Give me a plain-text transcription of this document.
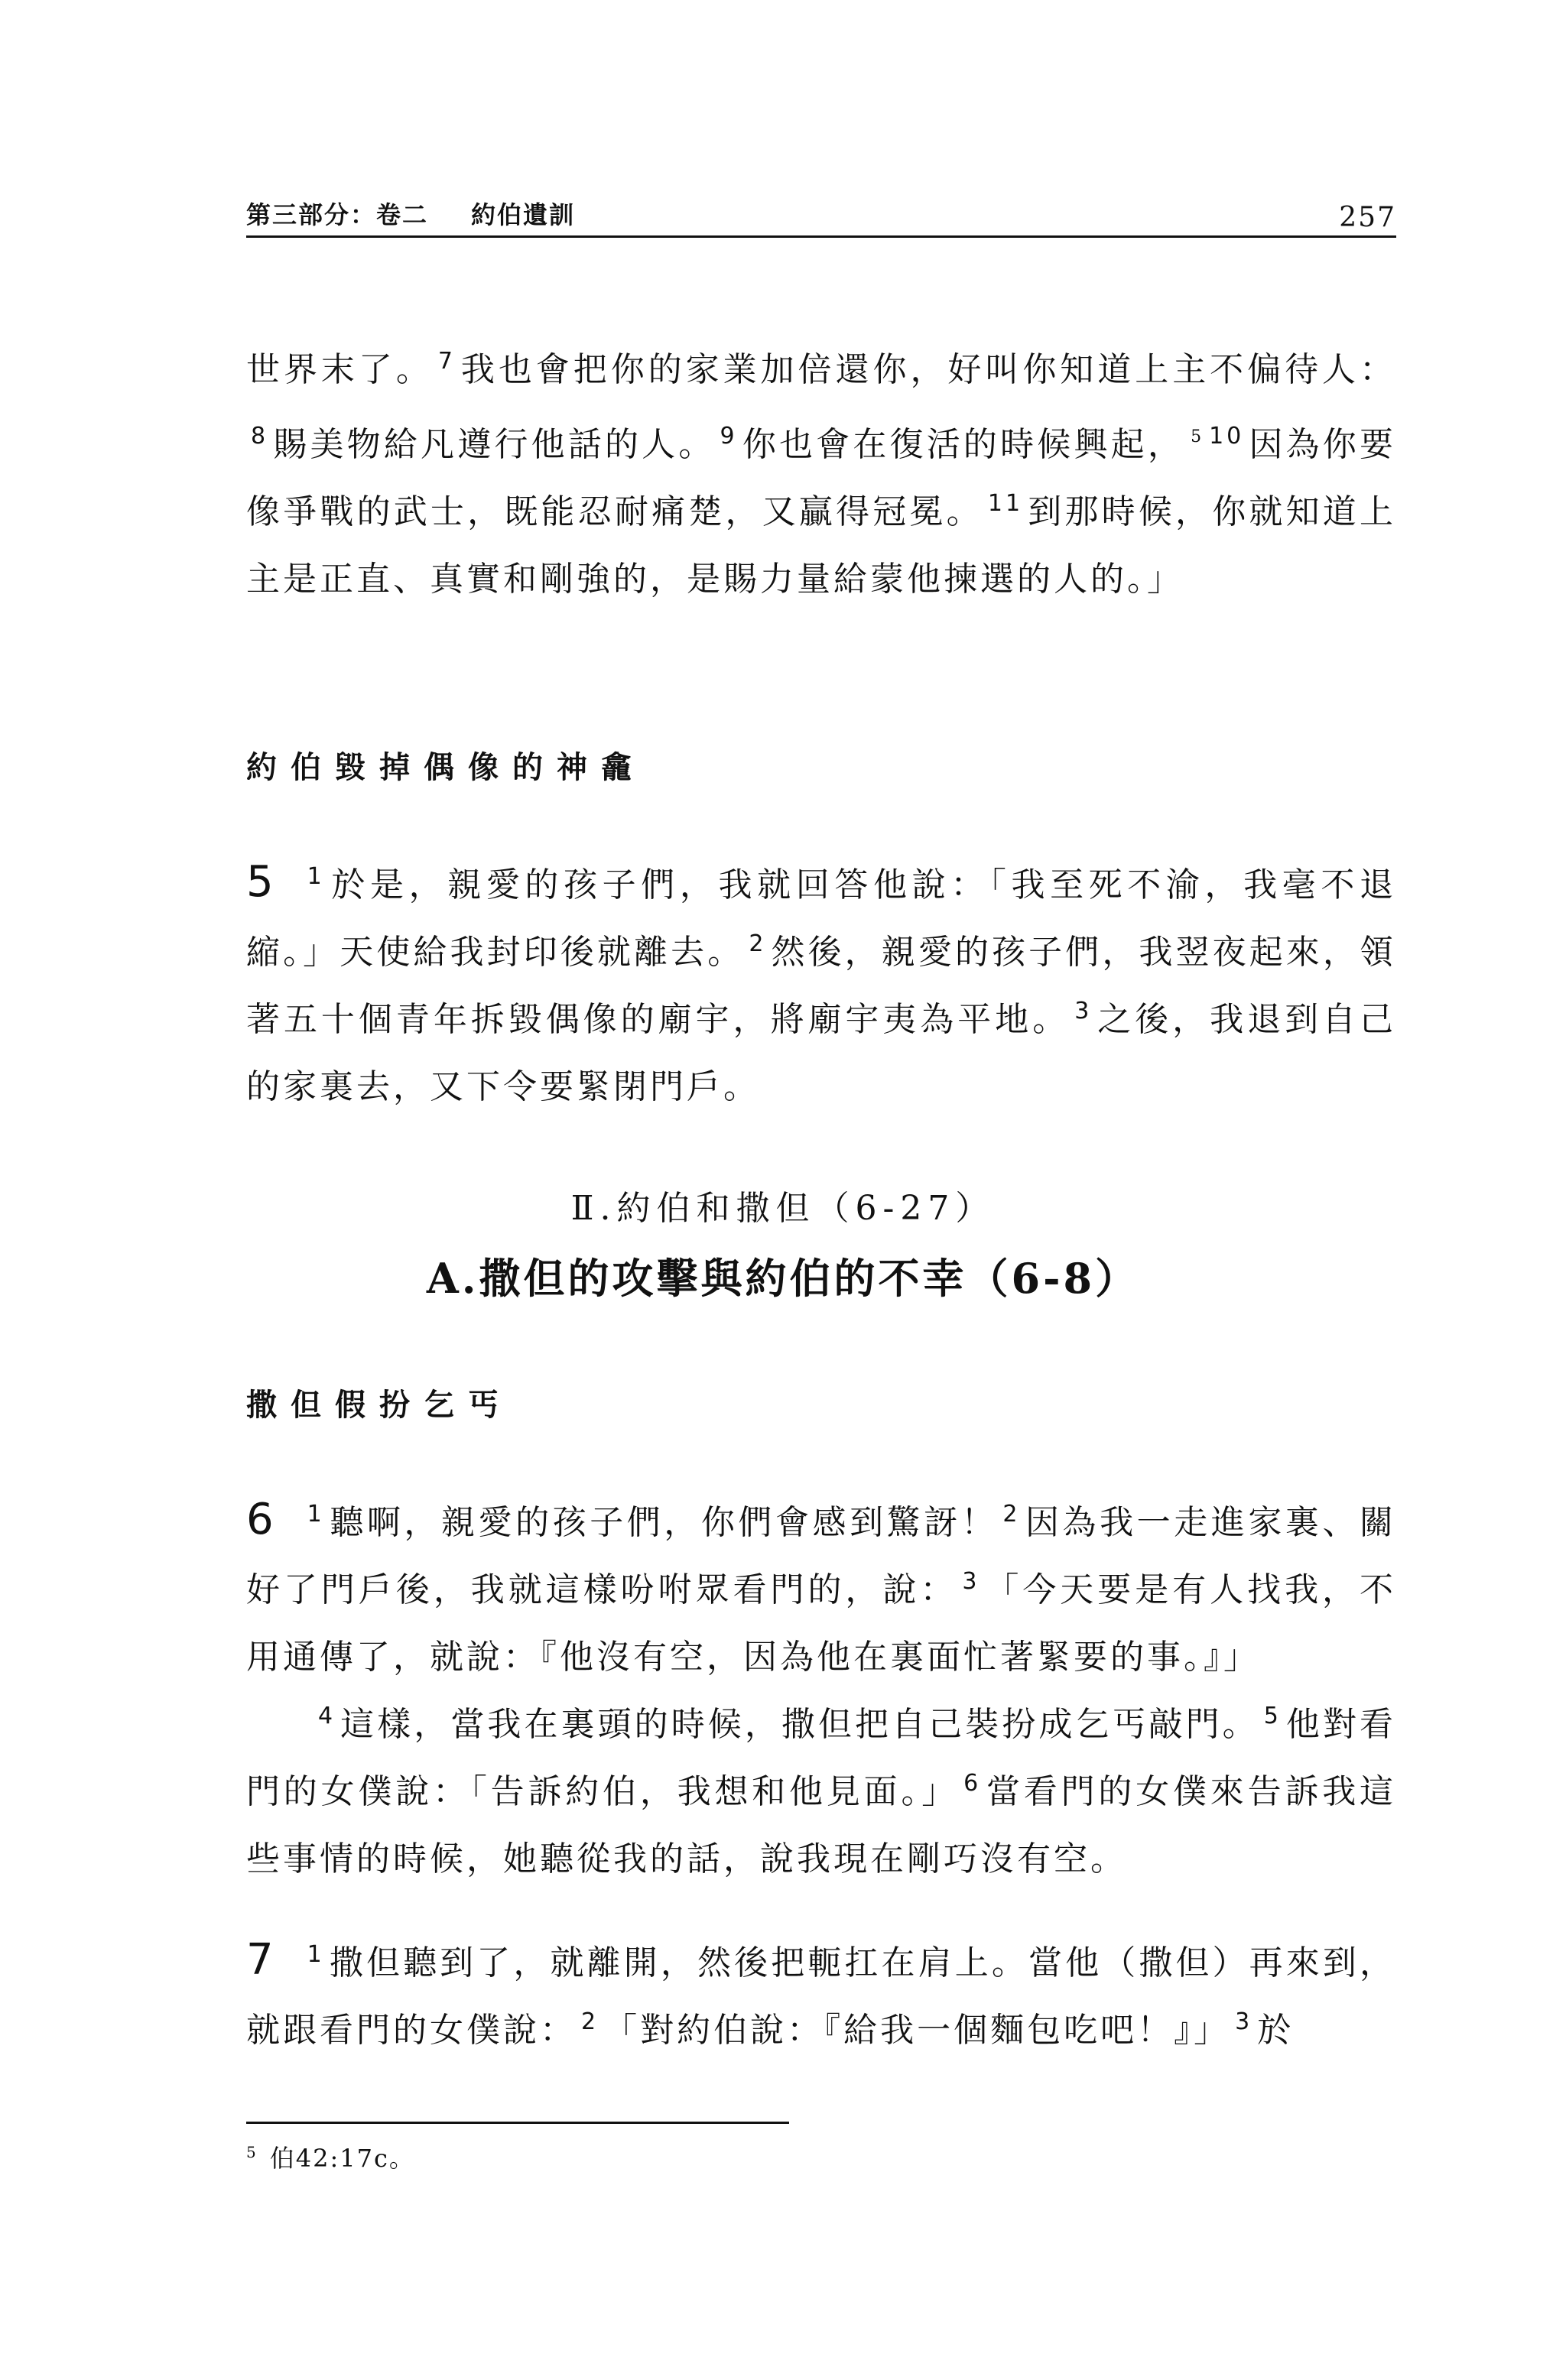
第三部分：卷二 約伯遺訓	257

世界末了。 $^7$ 我也會把你的家業加倍還你，好叫你知道上主不偏待人：$^8$ 賜美物給凡遵行他話的人。 $^9$ 你也會在復活的時候興起， $^5$ $^{10}$ 因為你要像爭戰的武士，既能忍耐痛楚，又贏得冠冕。 $^{11}$ 到那時候，你就知道上主是正直、真實和剛強的，是賜力量給蒙他揀選的人的。」

約伯毀掉偶像的神龕

5 $^1$ 於是，親愛的孩子們，我就回答他說：「我至死不渝，我毫不退縮。」天使給我封印後就離去。 $^2$ 然後，親愛的孩子們，我翌夜起來，領著五十個青年拆毀偶像的廟宇，將廟宇夷為平地。 $^3$ 之後，我退到自己的家裏去，又下令要緊閉門戶。

Ⅱ.約伯和撒但（6-27）
A.撒但的攻擊與約伯的不幸（6-8）
撒但假扮乞丐

6 $^1$ 聽啊，親愛的孩子們，你們會感到驚訝！ $^2$ 因為我一走進家裏、關好了門戶後，我就這樣吩咐眾看門的，說： $^3$ 「今天要是有人找我，不用通傳了，就說：『他沒有空，因為他在裏面忙著緊要的事。』」

$^4$ 這樣，當我在裏頭的時候，撒但把自己裝扮成乞丐敲門。 $^5$ 他對看門的女僕說：「告訴約伯，我想和他見面。」 $^6$ 當看門的女僕來告訴我這些事情的時候，她聽從我的話，說我現在剛巧沒有空。

7 $^1$ 撒但聽到了，就離開，然後把軛扛在肩上。當他（撒但）再來到，就跟看門的女僕說： $^2$ 「對約伯說：『給我一個麵包吃吧！』」 $^3$ 於

$^5$ 伯42:17c。
